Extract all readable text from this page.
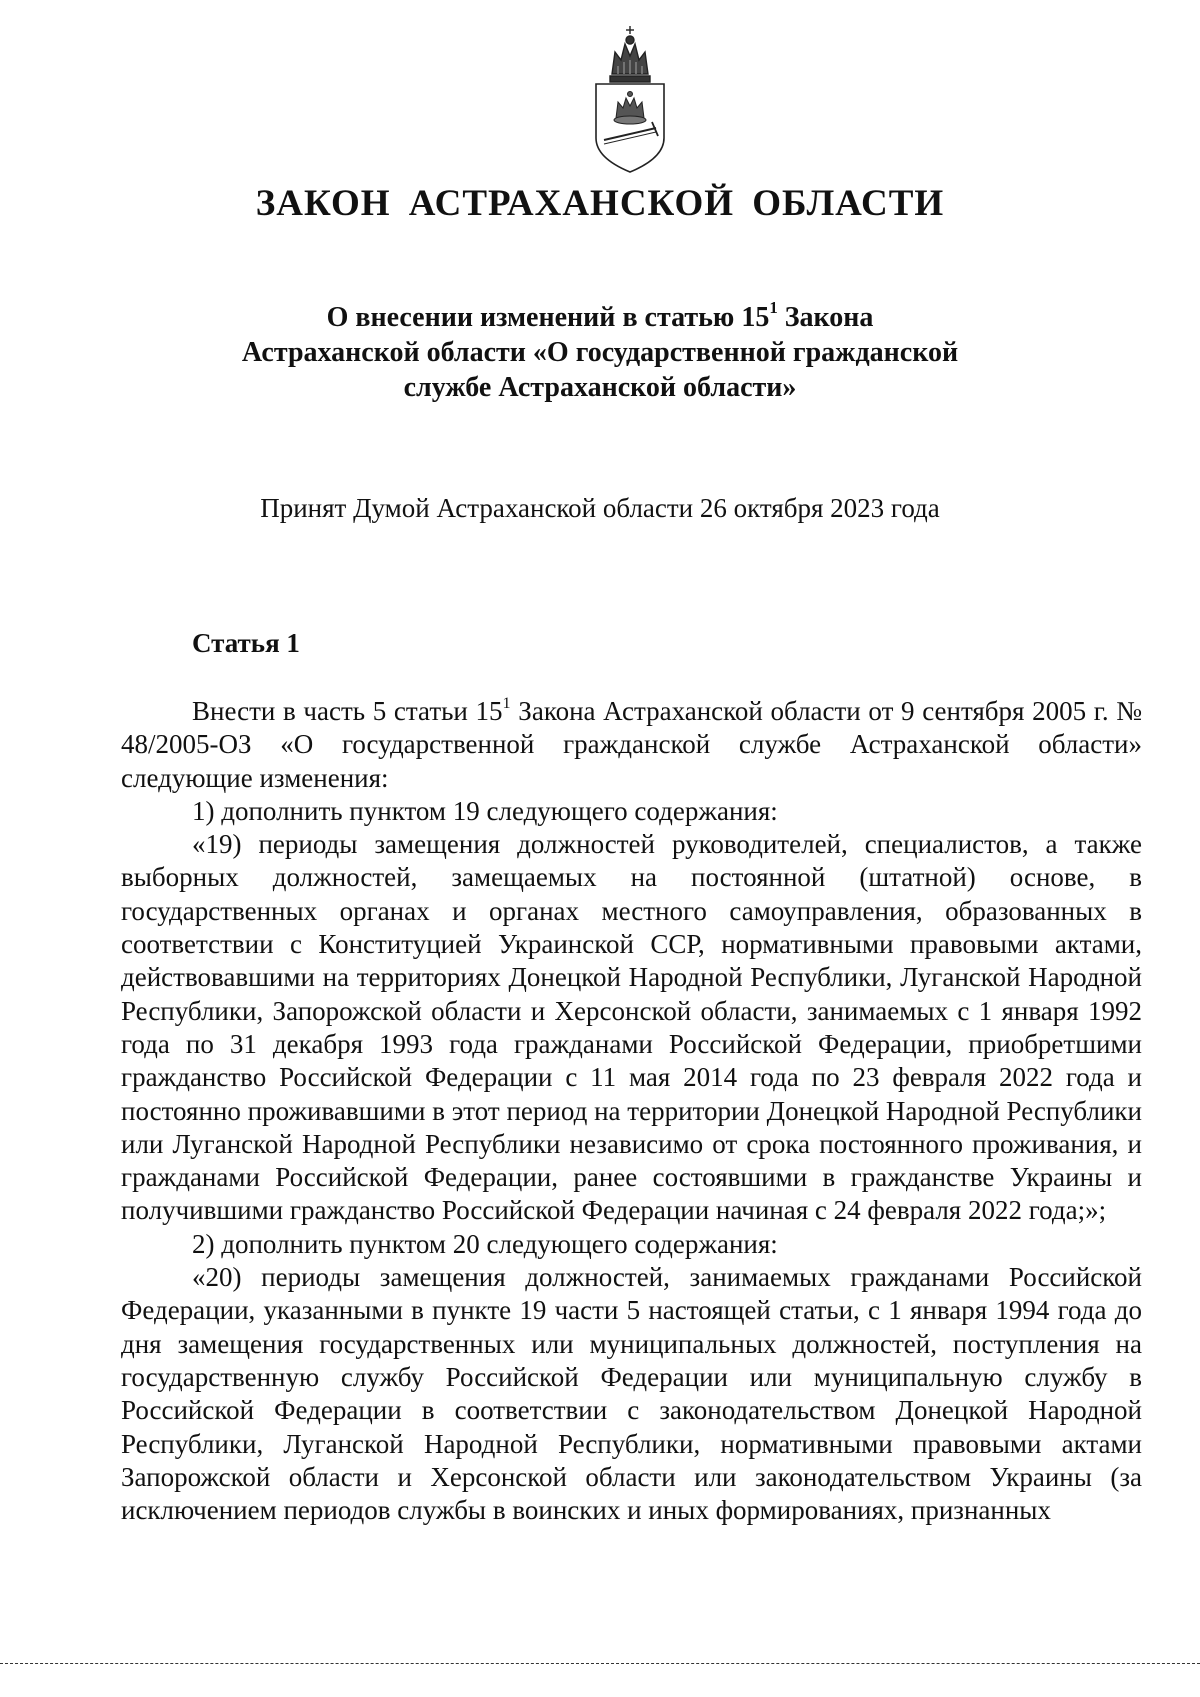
ЗАКОН АСТРАХАНСКОЙ ОБЛАСТИ
О внесении изменений в статью $15^1$ Закона
Астраханской области «О государственной гражданской
службе Астраханской области»
Принят Думой Астраханской области 26 октября 2023 года
Статья 1

Внести в часть 5 статьи $15^1$ Закона Астраханской области от 9 сентября 2005 г. № 48/2005-ОЗ «О государственной гражданской службе Астраханской области» следующие изменения:

1) дополнить пунктом 19 следующего содержания:

«19) периоды замещения должностей руководителей, специалистов, а также выборных должностей, замещаемых на постоянной (штатной) основе, в государственных органах и органах местного самоуправления, образованных в соответствии с Конституцией Украинской ССР, нормативными правовыми актами, действовавшими на территориях Донецкой Народной Республики, Луганской Народной Республики, Запорожской области и Херсонской области, занимаемых с 1 января 1992 года по 31 декабря 1993 года гражданами Российской Федерации, приобретшими гражданство Российской Федерации с 11 мая 2014 года по 23 февраля 2022 года и постоянно проживавшими в этот период на территории Донецкой Народной Республики или Луганской Народной Республики независимо от срока постоянного проживания, и гражданами Российской Федерации, ранее состоявшими в гражданстве Украины и получившими гражданство Российской Федерации начиная с 24 февраля 2022 года;»;

2) дополнить пунктом 20 следующего содержания:

«20) периоды замещения должностей, занимаемых гражданами Российской Федерации, указанными в пункте 19 части 5 настоящей статьи, с 1 января 1994 года до дня замещения государственных или муниципальных должностей, поступления на государственную службу Российской Федерации или муниципальную службу в Российской Федерации в соответствии с законодательством Донецкой Народной Республики, Луганской Народной Республики, нормативными правовыми актами Запорожской области и Херсонской области или законодательством Украины (за исключением периодов службы в воинских и иных формированиях, признанных
